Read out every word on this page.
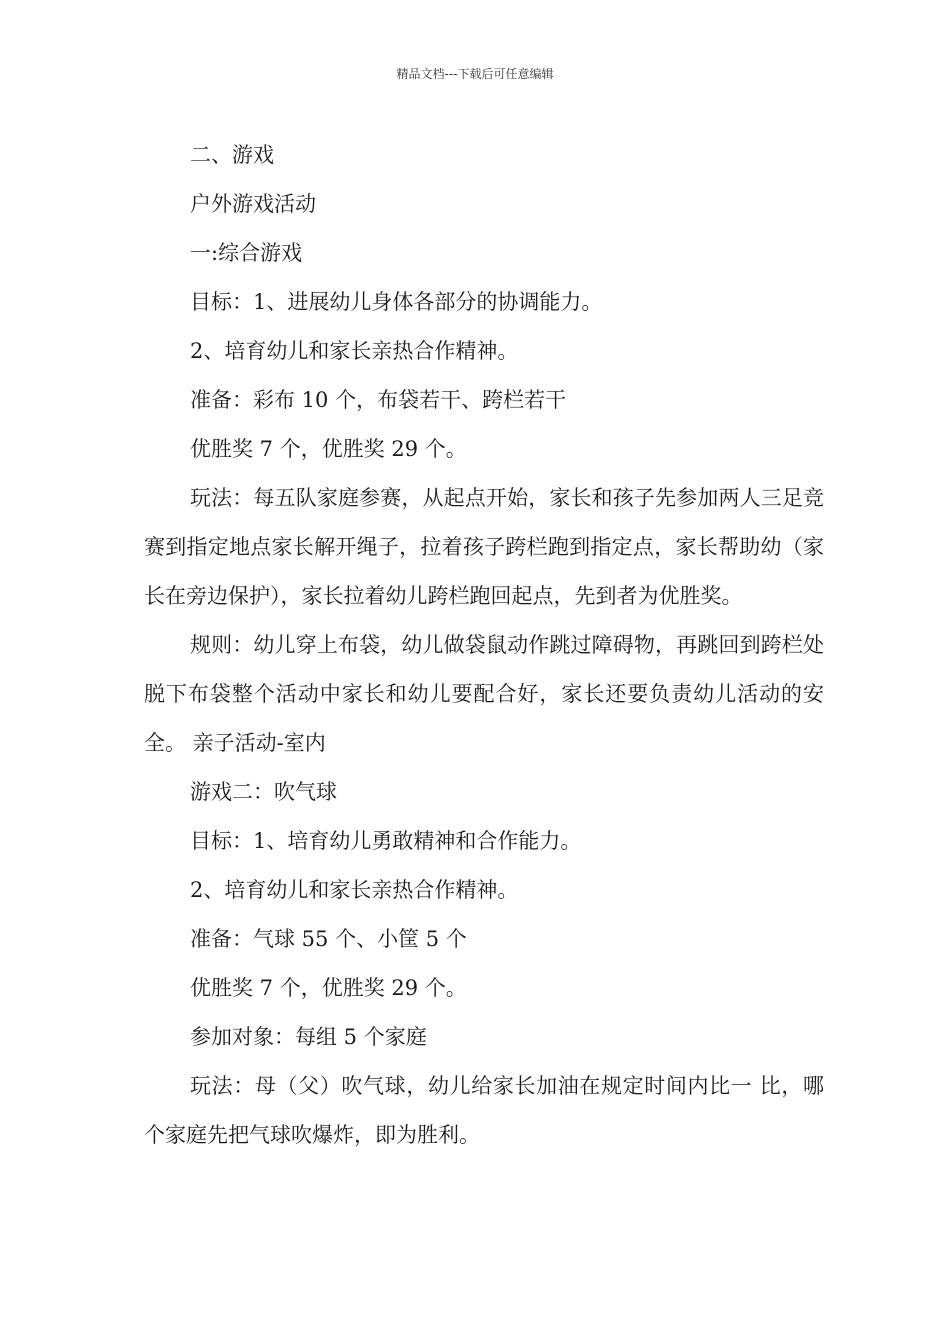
精品文档---下载后可任意编辑

二、游戏

户外游戏活动

一:综合游戏

目标：1、进展幼儿身体各部分的协调能力。

2、培育幼儿和家长亲热合作精神。

准备：彩布 10 个，布袋若干、跨栏若干

优胜奖 7 个，优胜奖 29 个。

玩法：每五队家庭参赛，从起点开始，家长和孩子先参加两人三足竞赛到指定地点家长解开绳子，拉着孩子跨栏跑到指定点，家长帮助幼（家长在旁边保护），家长拉着幼儿跨栏跑回起点，先到者为优胜奖。

规则：幼儿穿上布袋，幼儿做袋鼠动作跳过障碍物，再跳回到跨栏处脱下布袋整个活动中家长和幼儿要配合好，家长还要负责幼儿活动的安全。 亲子活动-室内

游戏二：吹气球

目标：1、培育幼儿勇敢精神和合作能力。

2、培育幼儿和家长亲热合作精神。

准备：气球 55 个、小筐 5 个

优胜奖 7 个，优胜奖 29 个。

参加对象：每组 5 个家庭

玩法：母（父）吹气球，幼儿给家长加油在规定时间内比一 比，哪个家庭先把气球吹爆炸，即为胜利。
